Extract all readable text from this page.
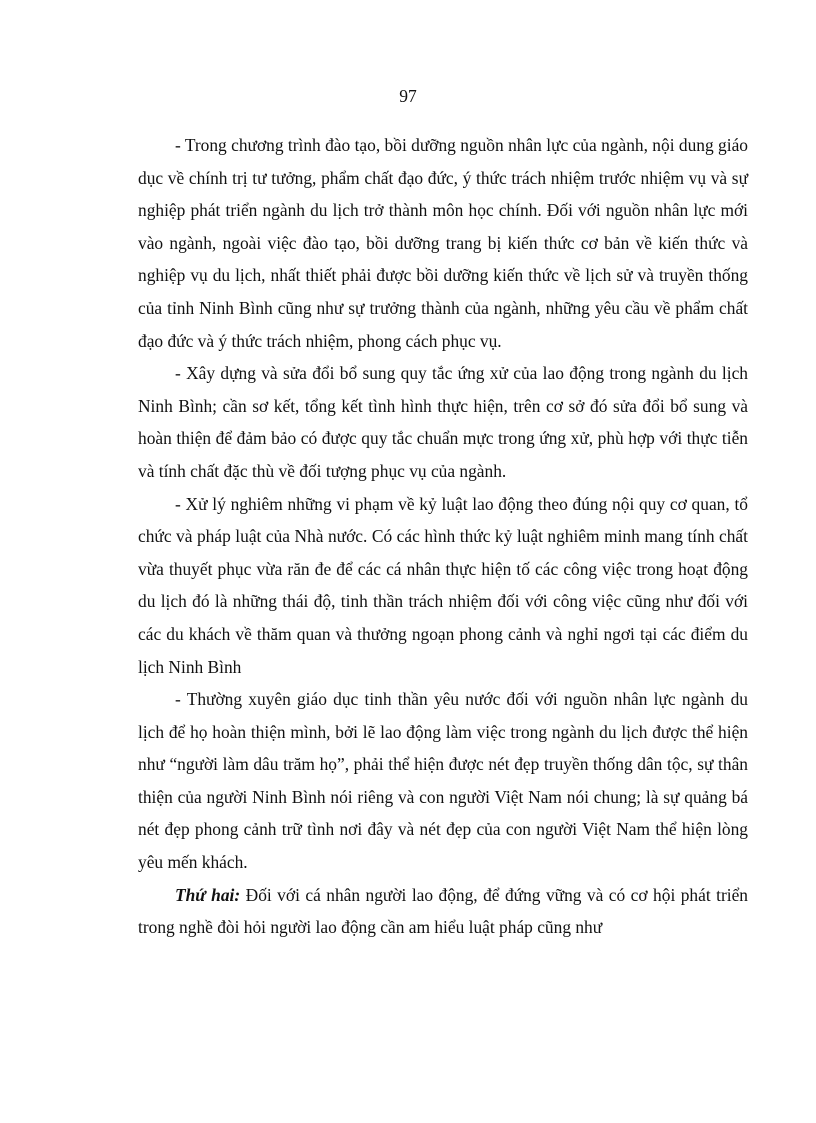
97

- Trong chương trình đào tạo, bồi dưỡng nguồn nhân lực của ngành, nội dung giáo dục về chính trị tư tưởng, phẩm chất đạo đức, ý thức trách nhiệm trước nhiệm vụ và sự nghiệp phát triển ngành du lịch trở thành môn học chính. Đối với nguồn nhân lực mới vào ngành, ngoài việc đào tạo, bồi dưỡng trang bị kiến thức cơ bản về kiến thức và nghiệp vụ du lịch, nhất thiết phải được bồi dưỡng kiến thức về lịch sử và truyền thống của tỉnh Ninh Bình cũng như sự trưởng thành của ngành, những yêu cầu về phẩm chất đạo đức và ý thức trách nhiệm, phong cách phục vụ.

- Xây dựng và sửa đổi bổ sung quy tắc ứng xử của lao động trong ngành du lịch Ninh Bình; cần sơ kết, tổng kết tình hình thực hiện, trên cơ sở đó sửa đổi bổ sung và hoàn thiện để đảm bảo có được quy tắc chuẩn mực trong ứng xử, phù hợp với thực tiễn và tính chất đặc thù về đối tượng phục vụ của ngành.

- Xử lý nghiêm những vi phạm về kỷ luật lao động theo đúng nội quy cơ quan, tổ chức và pháp luật của Nhà nước. Có các hình thức kỷ luật nghiêm minh mang tính chất vừa thuyết phục vừa răn đe để các cá nhân thực hiện tố các công việc trong hoạt động du lịch đó là những thái độ, tinh thần trách nhiệm đối với công việc cũng như đối với các du khách về thăm quan và thưởng ngoạn phong cảnh và nghỉ ngơi tại các điểm du lịch Ninh Bình

- Thường xuyên giáo dục tinh thần yêu nước đối với nguồn nhân lực ngành du lịch để họ hoàn thiện mình, bởi lẽ lao động làm việc trong ngành du lịch được thể hiện như “người làm dâu trăm họ”, phải thể hiện được nét đẹp truyền thống dân tộc, sự thân thiện của người Ninh Bình nói riêng và con người Việt Nam nói chung; là sự quảng bá nét đẹp phong cảnh trữ tình nơi đây và nét đẹp của con người Việt Nam thể hiện lòng yêu mến khách.

Thứ hai: Đối với cá nhân người lao động, để đứng vững và có cơ hội phát triển trong nghề đòi hỏi người lao động cần am hiểu luật pháp cũng như
